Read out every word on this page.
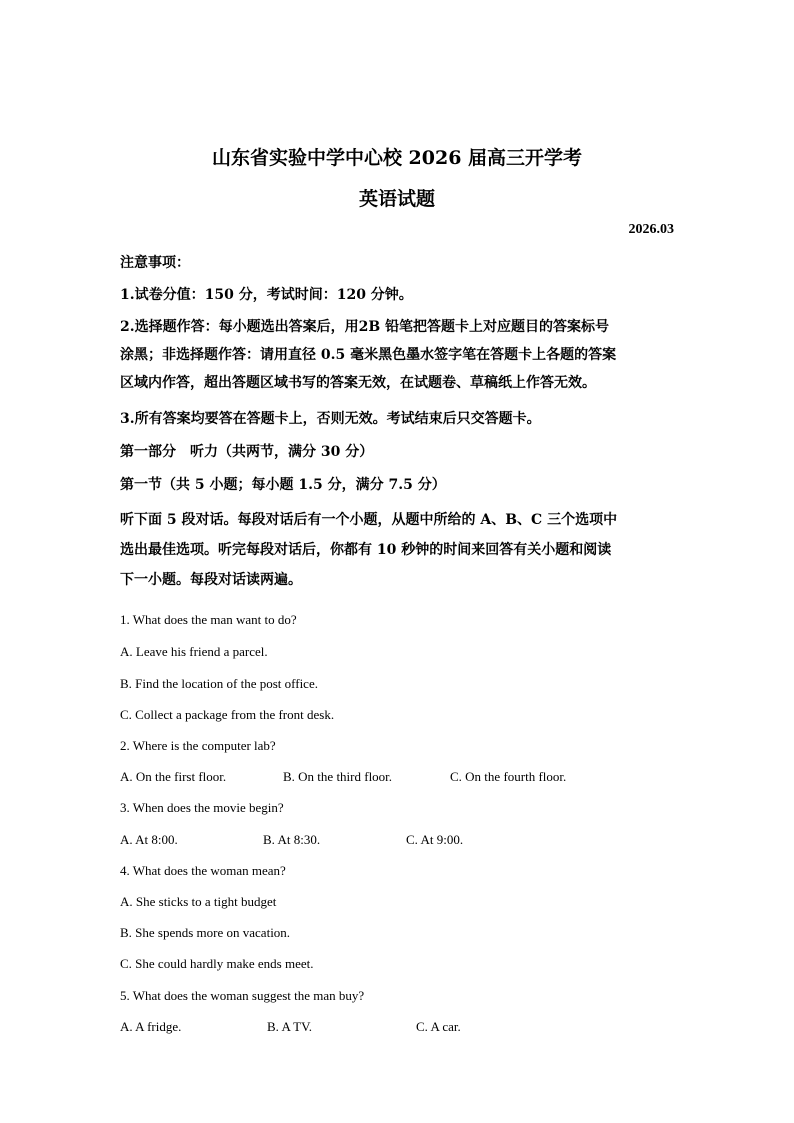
山东省实验中学中心校 2026 届高三开学考
英语试题
2026.03
注意事项：
1.试卷分值：150 分，考试时间：120 分钟。
2.选择题作答：每小题选出答案后，用2B 铅笔把答题卡上对应题目的答案标号
涂黑；非选择题作答：请用直径 0.5 毫米黑色墨水签字笔在答题卡上各题的答案
区域内作答，超出答题区域书写的答案无效，在试题卷、草稿纸上作答无效。
3.所有答案均要答在答题卡上，否则无效。考试结束后只交答题卡。
第一部分　听力（共两节，满分 30 分）
第一节（共 5 小题；每小题 1.5 分，满分 7.5 分）
听下面 5 段对话。每段对话后有一个小题，从题中所给的 A、B、C 三个选项中
选出最佳选项。听完每段对话后，你都有 10 秒钟的时间来回答有关小题和阅读
下一小题。每段对话读两遍。
1. What does the man want to do?
A. Leave his friend a parcel.
B. Find the location of the post office.
C. Collect a package from the front desk.
2. Where is the computer lab?
A. On the first floor.	B. On the third floor.	C. On the fourth floor.
3. When does the movie begin?
A. At 8:00.	B. At 8:30.	C. At 9:00.
4. What does the woman mean?
A. She sticks to a tight budget
B. She spends more on vacation.
C. She could hardly make ends meet.
5. What does the woman suggest the man buy?
A. A fridge.	B. A TV.	C. A car.
